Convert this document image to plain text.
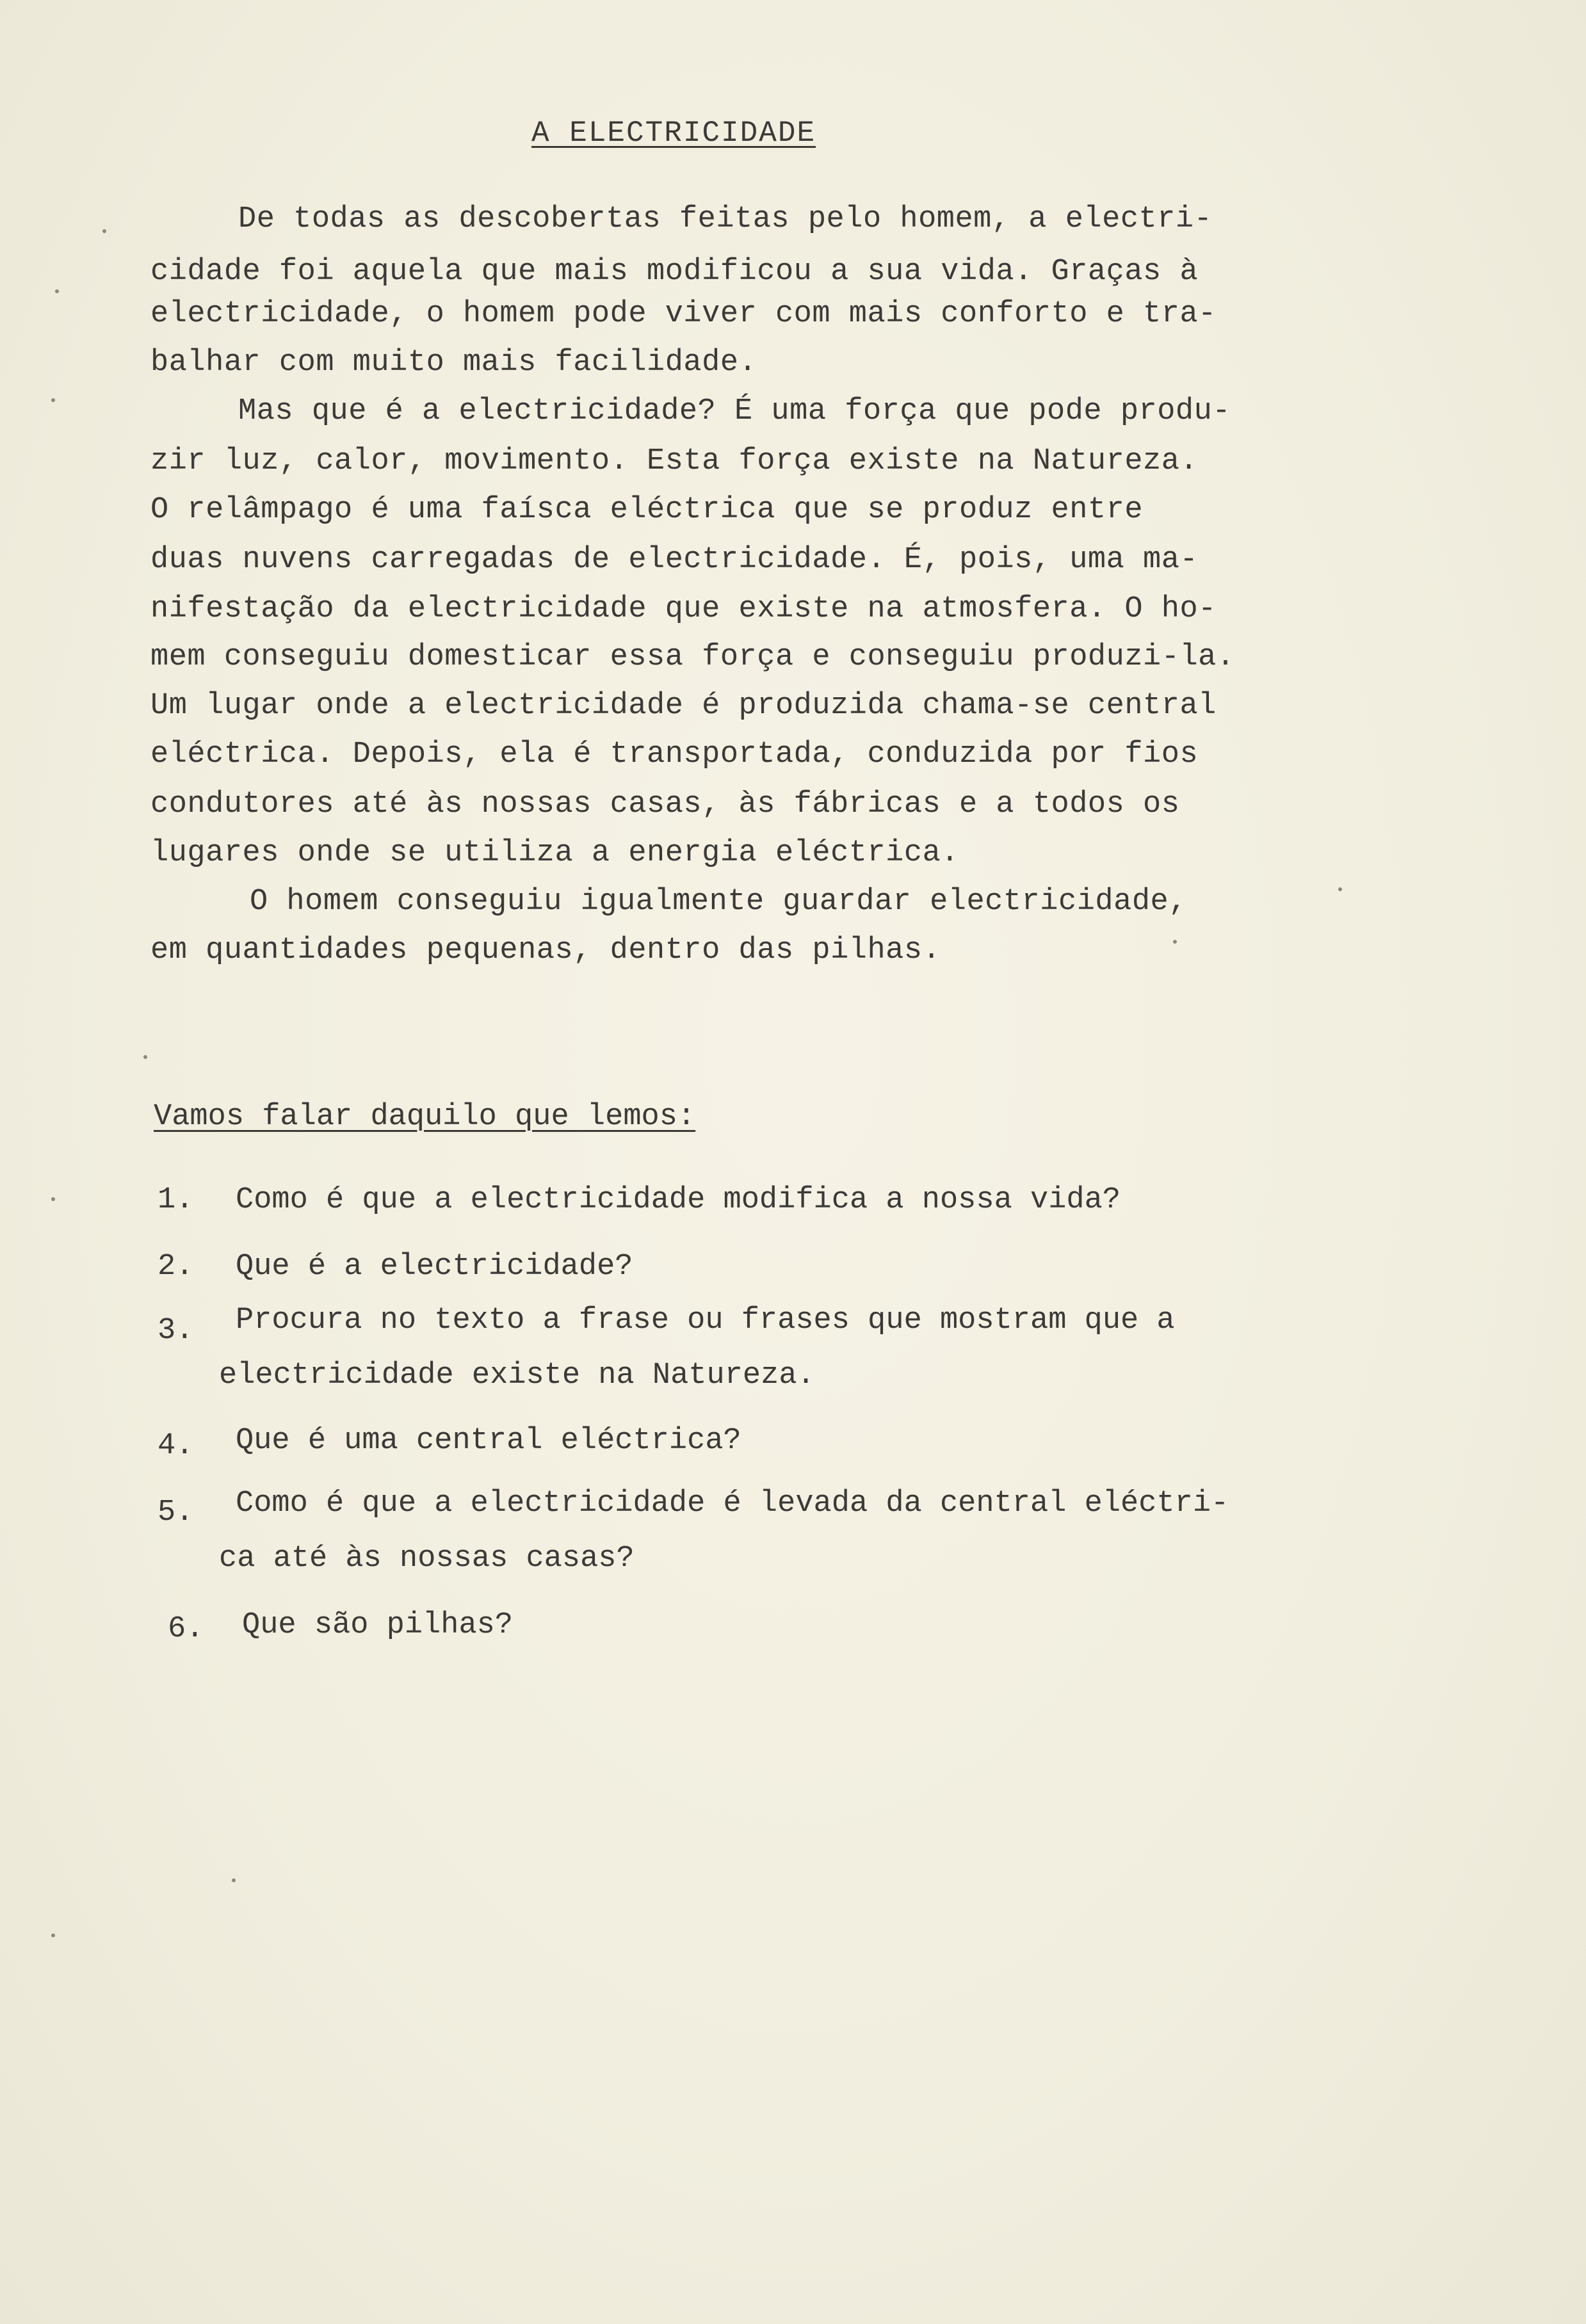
A ELECTRICIDADE
De todas as descobertas feitas pelo homem, a electri-
cidade foi aquela que mais modificou a sua vida. Graças à
electricidade, o homem pode viver com mais conforto e tra-
balhar com muito mais facilidade.
Mas que é a electricidade? É uma força que pode produ-
zir luz, calor, movimento. Esta força existe na Natureza.
O relâmpago é uma faísca eléctrica que se produz entre
duas nuvens carregadas de electricidade. É, pois, uma ma-
nifestação da electricidade que existe na atmosfera. O ho-
mem conseguiu domesticar essa força e conseguiu produzi-la.
Um lugar onde a electricidade é produzida chama-se central
eléctrica. Depois, ela é transportada, conduzida por fios
condutores até às nossas casas, às fábricas e a todos os
lugares onde se utiliza a energia eléctrica.
O homem conseguiu igualmente guardar electricidade,
em quantidades pequenas, dentro das pilhas.
Vamos falar daquilo que lemos:
1. Como é que a electricidade modifica a nossa vida?
2. Que é a electricidade?
3. Procura no texto a frase ou frases que mostram que a
electricidade existe na Natureza.
4. Que é uma central eléctrica?
5. Como é que a electricidade é levada da central eléctri-
ca até às nossas casas?
6. Que são pilhas?
